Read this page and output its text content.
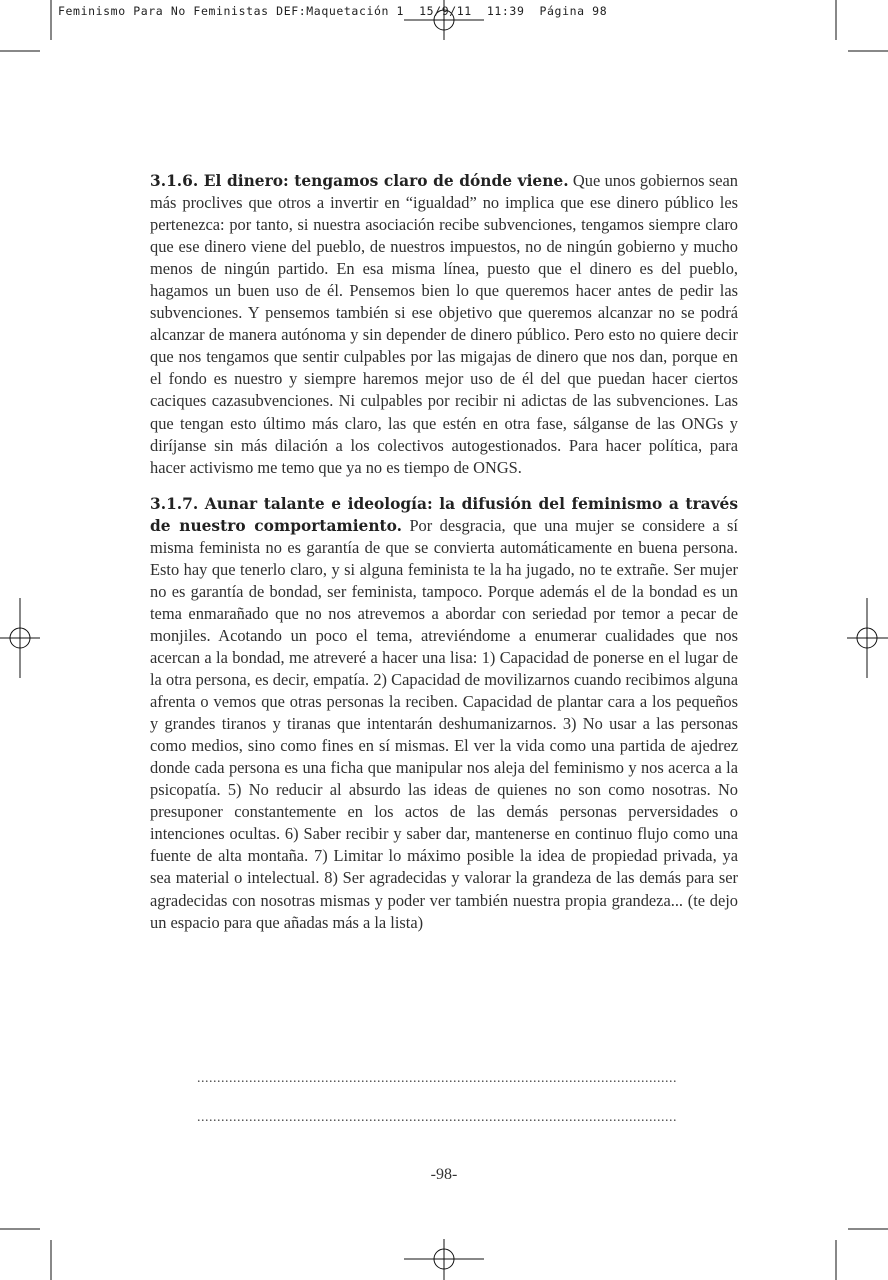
Feminismo Para No Feministas DEF:Maquetación 1  15/9/11  11:39  Página 98

3.1.6. El dinero: tengamos claro de dónde viene. Que unos gobiernos sean más proclives que otros a invertir en “igualdad” no implica que ese dinero público les pertenezca: por tanto, si nuestra asociación recibe subvenciones, tengamos siempre claro que ese dinero viene del pueblo, de nuestros impuestos, no de ningún gobierno y mucho menos de ningún partido. En esa misma línea, puesto que el dinero es del pueblo, hagamos un buen uso de él. Pensemos bien lo que queremos hacer antes de pedir las subvenciones. Y pensemos también si ese objetivo que queremos alcanzar no se podrá alcanzar de manera autónoma y sin depender de dinero público. Pero esto no quiere decir que nos tengamos que sentir culpables por las migajas de dinero que nos dan, porque en el fondo es nuestro y siempre haremos mejor uso de él del que puedan hacer ciertos caciques cazasubvenciones. Ni culpables por recibir ni adictas de las subvenciones. Las que tengan esto último más claro, las que estén en otra fase, sálganse de las ONGs y diríjanse sin más dilación a los colectivos autogestionados. Para hacer política, para hacer activismo me temo que ya no es tiempo de ONGS.

3.1.7. Aunar talante e ideología: la difusión del feminismo a través de nuestro comportamiento. Por desgracia, que una mujer se considere a sí misma feminista no es garantía de que se convierta automáticamente en buena persona. Esto hay que tenerlo claro, y si alguna feminista te la ha jugado, no te extrañe. Ser mujer no es garantía de bondad, ser feminista, tampoco. Porque además el de la bondad es un tema enmarañado que no nos atrevemos a abordar con seriedad por temor a pecar de monjiles. Acotando un poco el tema, atreviéndome a enumerar cualidades que nos acercan a la bondad, me atreveré a hacer una lisa: 1) Capacidad de ponerse en el lugar de la otra persona, es decir, empatía. 2) Capacidad de movilizarnos cuando recibimos alguna afrenta o vemos que otras personas la reciben. Capacidad de plantar cara a los pequeños y grandes tiranos y tiranas que intentarán deshumanizarnos. 3) No usar a las personas como medios, sino como fines en sí mismas. El ver la vida como una partida de ajedrez donde cada persona es una ficha que manipular nos aleja del feminismo y nos acerca a la psicopatía. 5) No reducir al absurdo las ideas de quienes no son como nosotras. No presuponer constantemente en los actos de las demás personas perversidades o intenciones ocultas. 6) Saber recibir y saber dar, mantenerse en continuo flujo como una fuente de alta montaña. 7) Limitar lo máximo posible la idea de propiedad privada, ya sea material o intelectual. 8) Ser agradecidas y valorar la grandeza de las demás para ser agradecidas con nosotras mismas y poder ver también nuestra propia grandeza... (te dejo un espacio para que añadas más a la lista)

........................................................................................................................
........................................................................................................................
-98-
